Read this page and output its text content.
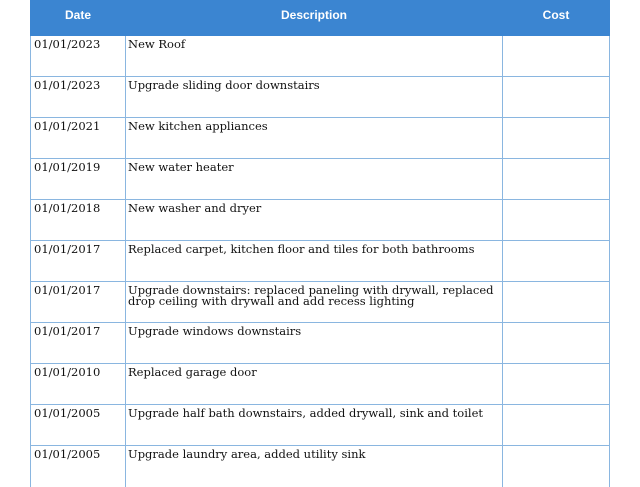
Date	Description	Cost
01/01/2023	New Roof	
01/01/2023	Upgrade sliding door downstairs	
01/01/2021	New kitchen appliances	
01/01/2019	New water heater	
01/01/2018	New washer and dryer	
01/01/2017	Replaced carpet, kitchen floor and tiles for both bathrooms	
01/01/2017	Upgrade downstairs: replaced paneling with drywall, replaced drop ceiling with drywall and add recess lighting	
01/01/2017	Upgrade windows downstairs	
01/01/2010	Replaced garage door	
01/01/2005	Upgrade half bath downstairs, added drywall, sink and toilet	
01/01/2005	Upgrade laundry area, added utility sink	
